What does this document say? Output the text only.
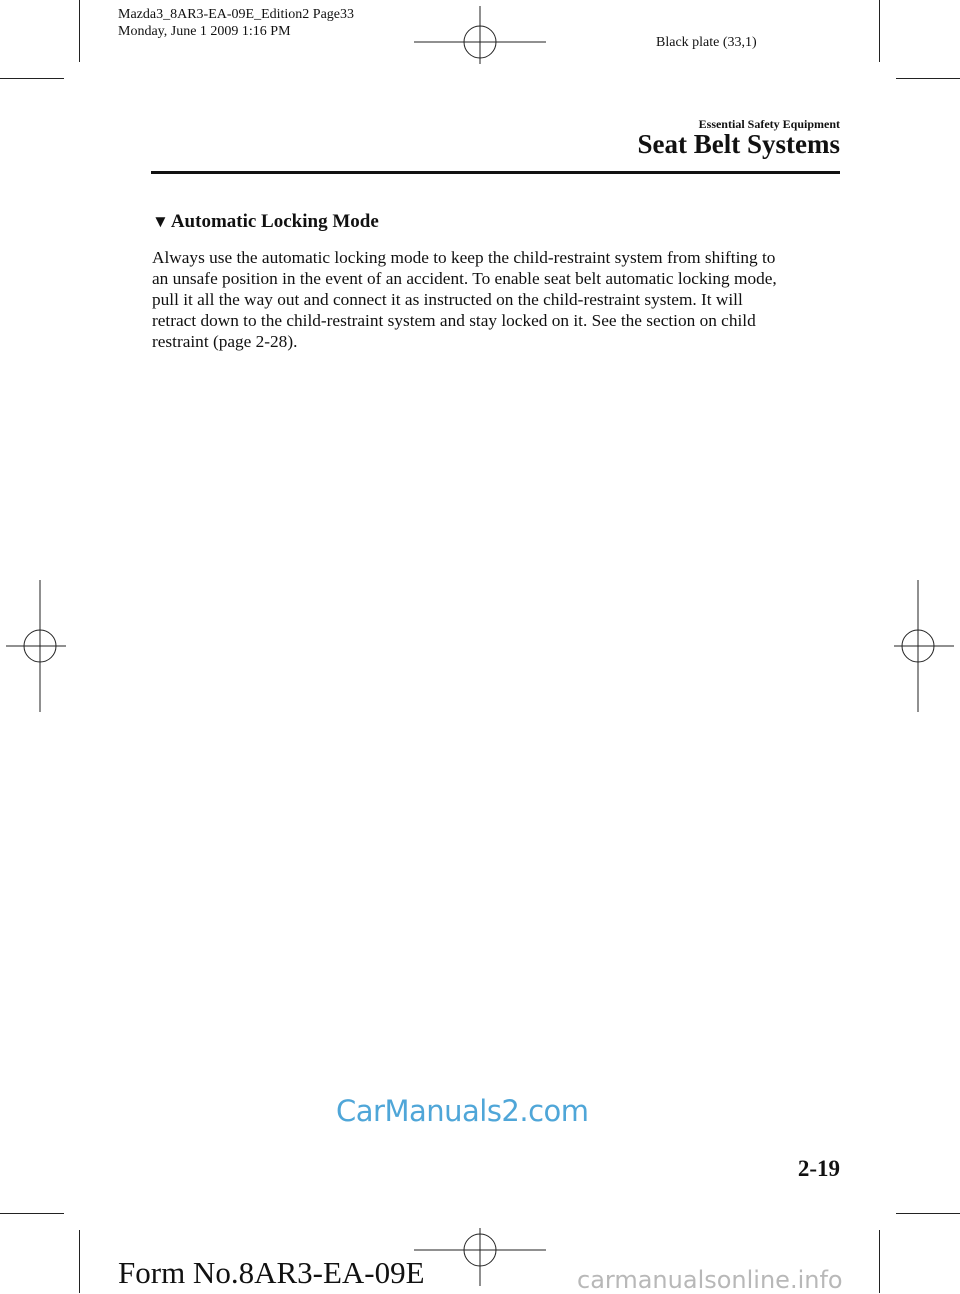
Mazda3_8AR3-EA-09E_Edition2 Page33
Monday, June 1 2009 1:16 PM
Black plate (33,1)
Essential Safety Equipment
Seat Belt Systems
▼ Automatic Locking Mode
Always use the automatic locking mode to keep the child-restraint system from shifting to
an unsafe position in the event of an accident. To enable seat belt automatic locking mode,
pull it all the way out and connect it as instructed on the child-restraint system. It will
retract down to the child-restraint system and stay locked on it. See the section on child
restraint (page 2-28).
CarManuals2.com
2-19
Form No.8AR3-EA-09E	carmanualsonline.info
